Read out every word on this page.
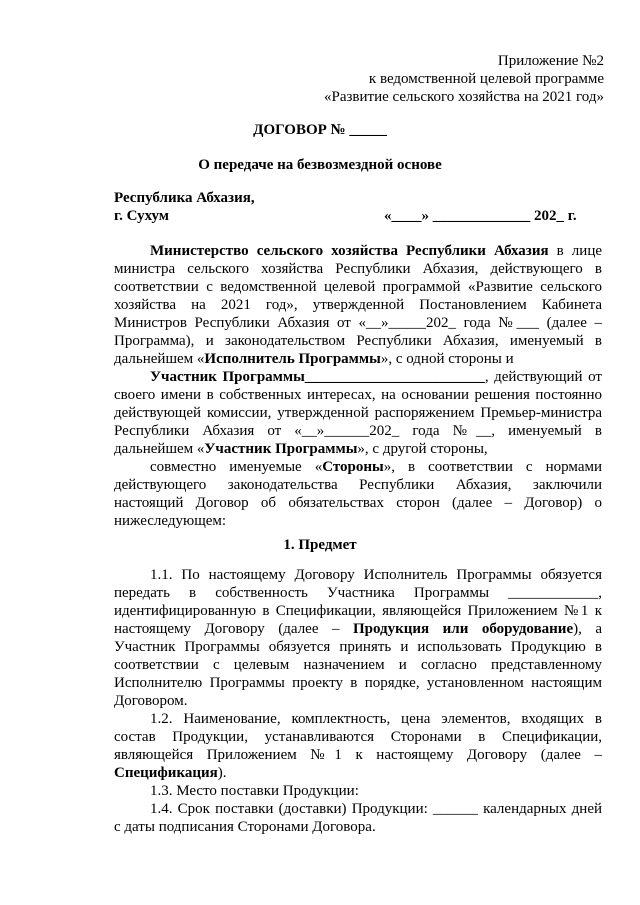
Приложение №2
к ведомственной целевой программе
«Развитие сельского хозяйства на 2021 год»
ДОГОВОР № _____
О передаче на безвозмездной основе
Республика Абхазия,
г. Сухум	«____» _____________ 202_ г.
Министерство сельского хозяйства Республики Абхазия в лице
министра сельского хозяйства Республики Абхазия, действующего в
соответствии с ведомственной целевой программой «Развитие сельского
хозяйства на 2021 год», утвержденной Постановлением Кабинета
Министров Республики Абхазия от «__»_____202_ года №___ (далее –
Программа), и законодательством Республики Абхазия, именуемый в
дальнейшем «Исполнитель Программы», с одной стороны и
Участник Программы________________________, действующий от
своего имени в собственных интересах, на основании решения постоянно
действующей комиссии, утвержденной распоряжением Премьер-министра
Республики Абхазия от «__»______202_ года №__, именуемый в
дальнейшем «Участник Программы», с другой стороны,
совместно именуемые «Стороны», в соответствии с нормами
действующего законодательства Республики Абхазия, заключили
настоящий Договор об обязательствах сторон (далее – Договор) о
нижеследующем:
1. Предмет
1.1. По настоящему Договору Исполнитель Программы обязуется
передать в собственность Участника Программы ____________,
идентифицированную в Спецификации, являющейся Приложением №1 к
настоящему Договору (далее – Продукция или оборудование), а
Участник Программы обязуется принять и использовать Продукцию в
соответствии с целевым назначением и согласно представленному
Исполнителю Программы проекту в порядке, установленном настоящим
Договором.
1.2. Наименование, комплектность, цена элементов, входящих в
состав Продукции, устанавливаются Сторонами в Спецификации,
являющейся Приложением №1 к настоящему Договору (далее –
Спецификация).
1.3. Место поставки Продукции:
1.4. Срок поставки (доставки) Продукции: ______ календарных дней
с даты подписания Сторонами Договора.
